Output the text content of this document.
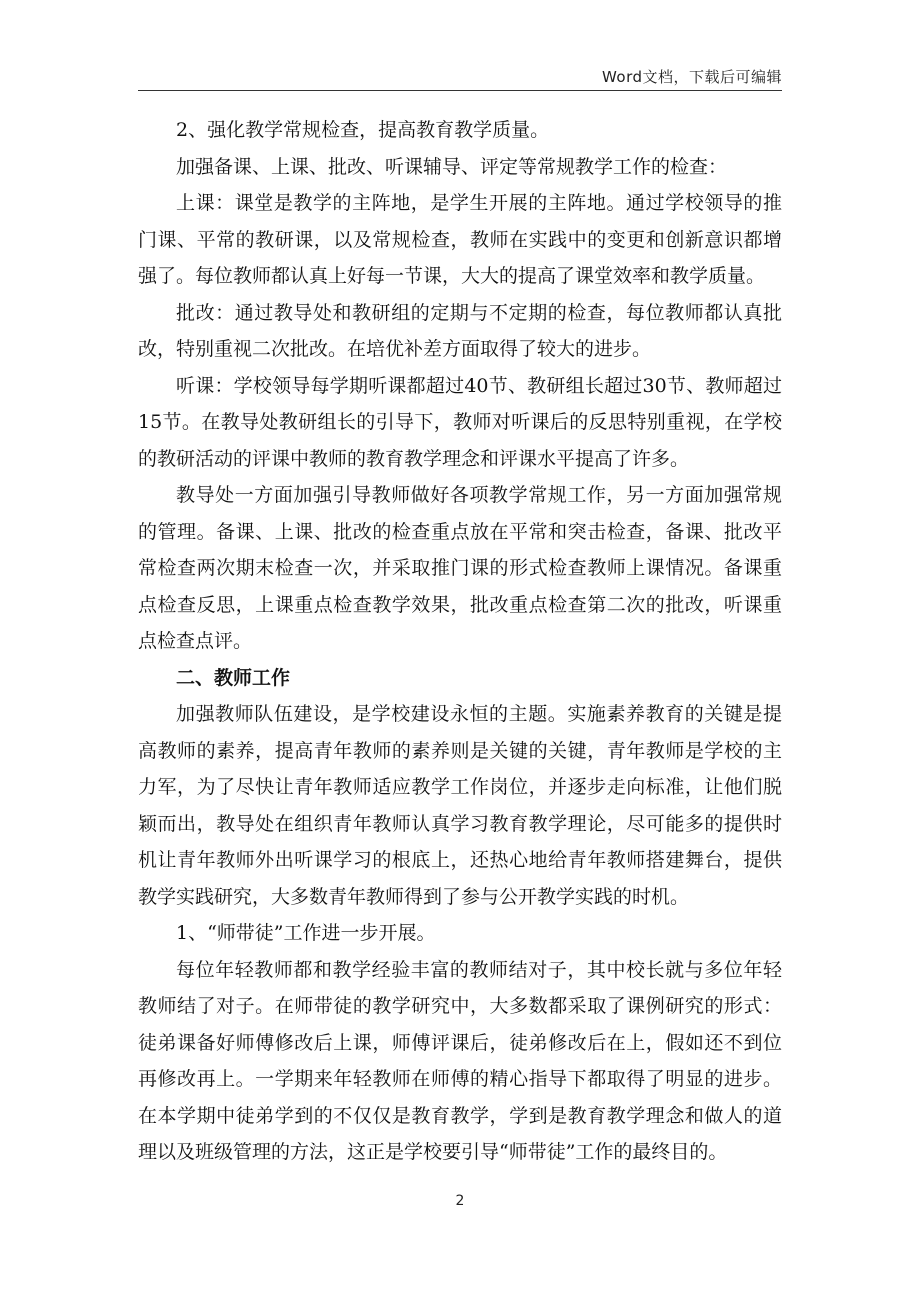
Word文档，下载后可编辑

2、强化教学常规检查，提高教育教学质量。

加强备课、上课、批改、听课辅导、评定等常规教学工作的检查：

上课：课堂是教学的主阵地，是学生开展的主阵地。通过学校领导的推门课、平常的教研课，以及常规检查，教师在实践中的变更和创新意识都增强了。每位教师都认真上好每一节课，大大的提高了课堂效率和教学质量。

批改：通过教导处和教研组的定期与不定期的检查，每位教师都认真批改，特别重视二次批改。在培优补差方面取得了较大的进步。

听课：学校领导每学期听课都超过40节、教研组长超过30节、教师超过15节。在教导处教研组长的引导下，教师对听课后的反思特别重视，在学校的教研活动的评课中教师的教育教学理念和评课水平提高了许多。

教导处一方面加强引导教师做好各项教学常规工作，另一方面加强常规的管理。备课、上课、批改的检查重点放在平常和突击检查，备课、批改平常检查两次期末检查一次，并采取推门课的形式检查教师上课情况。备课重点检查反思，上课重点检查教学效果，批改重点检查第二次的批改，听课重点检查点评。

二、教师工作

加强教师队伍建设，是学校建设永恒的主题。实施素养教育的关键是提高教师的素养，提高青年教师的素养则是关键的关键，青年教师是学校的主力军，为了尽快让青年教师适应教学工作岗位，并逐步走向标准，让他们脱颖而出，教导处在组织青年教师认真学习教育教学理论，尽可能多的提供时机让青年教师外出听课学习的根底上，还热心地给青年教师搭建舞台，提供教学实践研究，大多数青年教师得到了参与公开教学实践的时机。

1、“师带徒”工作进一步开展。

每位年轻教师都和教学经验丰富的教师结对子，其中校长就与多位年轻教师结了对子。在师带徒的教学研究中，大多数都采取了课例研究的形式：徒弟课备好师傅修改后上课，师傅评课后，徒弟修改后在上，假如还不到位再修改再上。一学期来年轻教师在师傅的精心指导下都取得了明显的进步。在本学期中徒弟学到的不仅仅是教育教学，学到是教育教学理念和做人的道理以及班级管理的方法，这正是学校要引导“师带徒”工作的最终目的。

2
